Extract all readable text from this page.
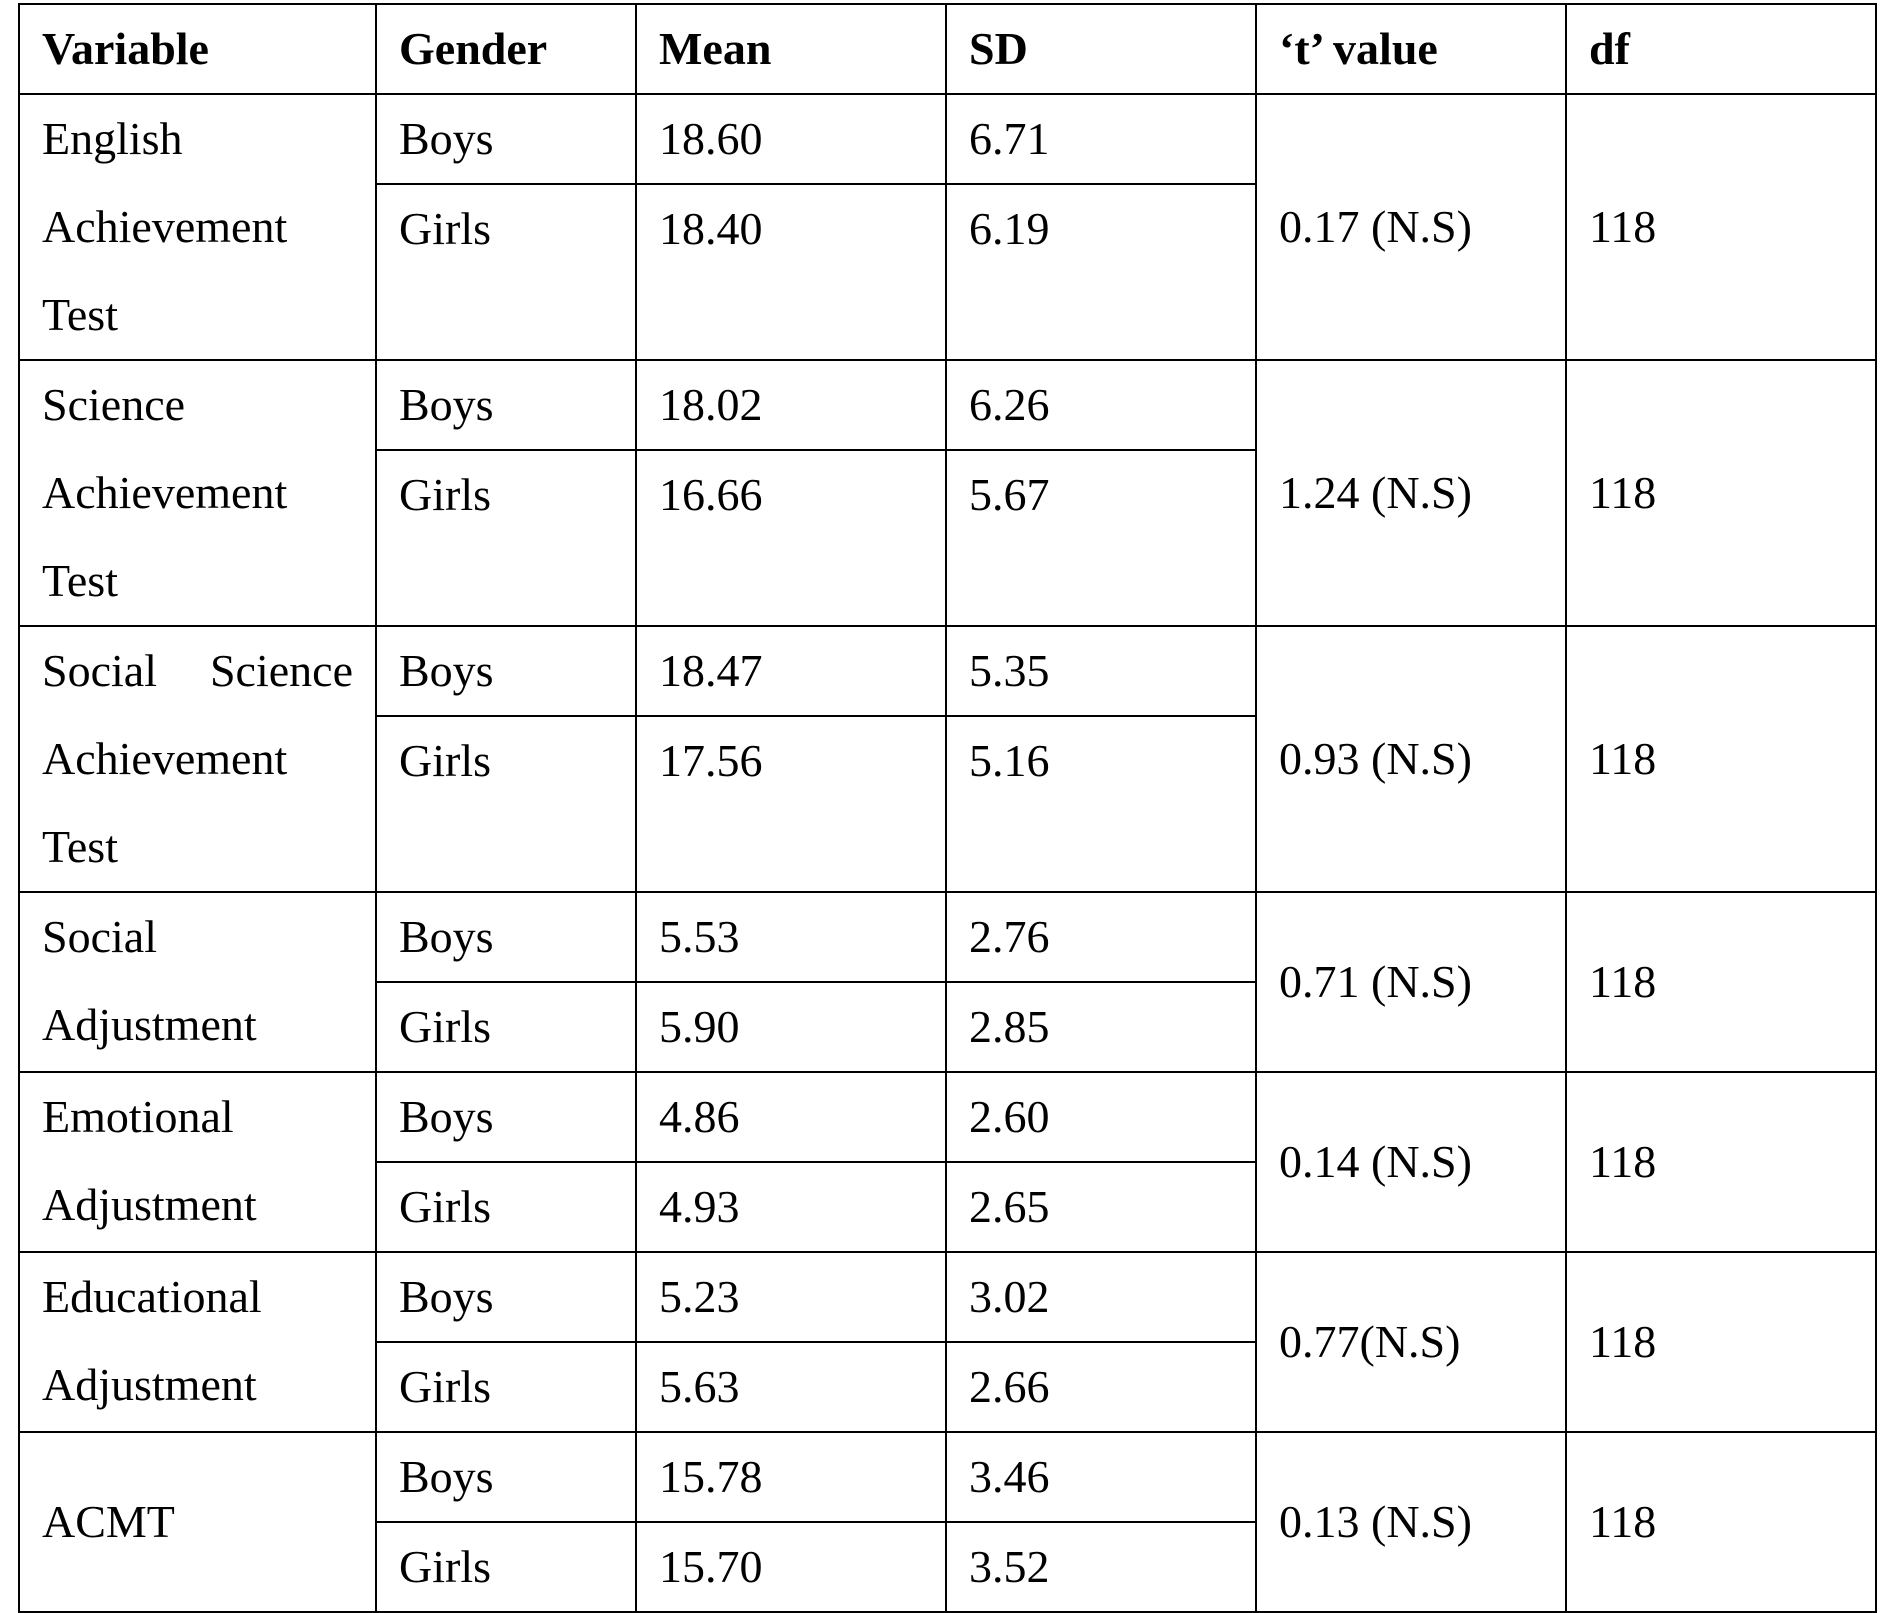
Variable	Gender	Mean	SD	‘t’ value	df

English
Achievement
Test	Boys	18.60	6.71	0.17 (N.S)	118
	Girls	18.40	6.19		

Science
Achievement
Test	Boys	18.02	6.26	1.24 (N.S)	118
	Girls	16.66	5.67		

Social Science
Achievement
Test	Boys	18.47	5.35	0.93 (N.S)	118
	Girls	17.56	5.16		

Social
Adjustment	Boys	5.53	2.76	0.71 (N.S)	118
	Girls	5.90	2.85		

Emotional
Adjustment	Boys	4.86	2.60	0.14 (N.S)	118
	Girls	4.93	2.65		

Educational
Adjustment	Boys	5.23	3.02	0.77(N.S)	118
	Girls	5.63	2.66		

ACMT	Boys	15.78	3.46	0.13 (N.S)	118
	Girls	15.70	3.52		
